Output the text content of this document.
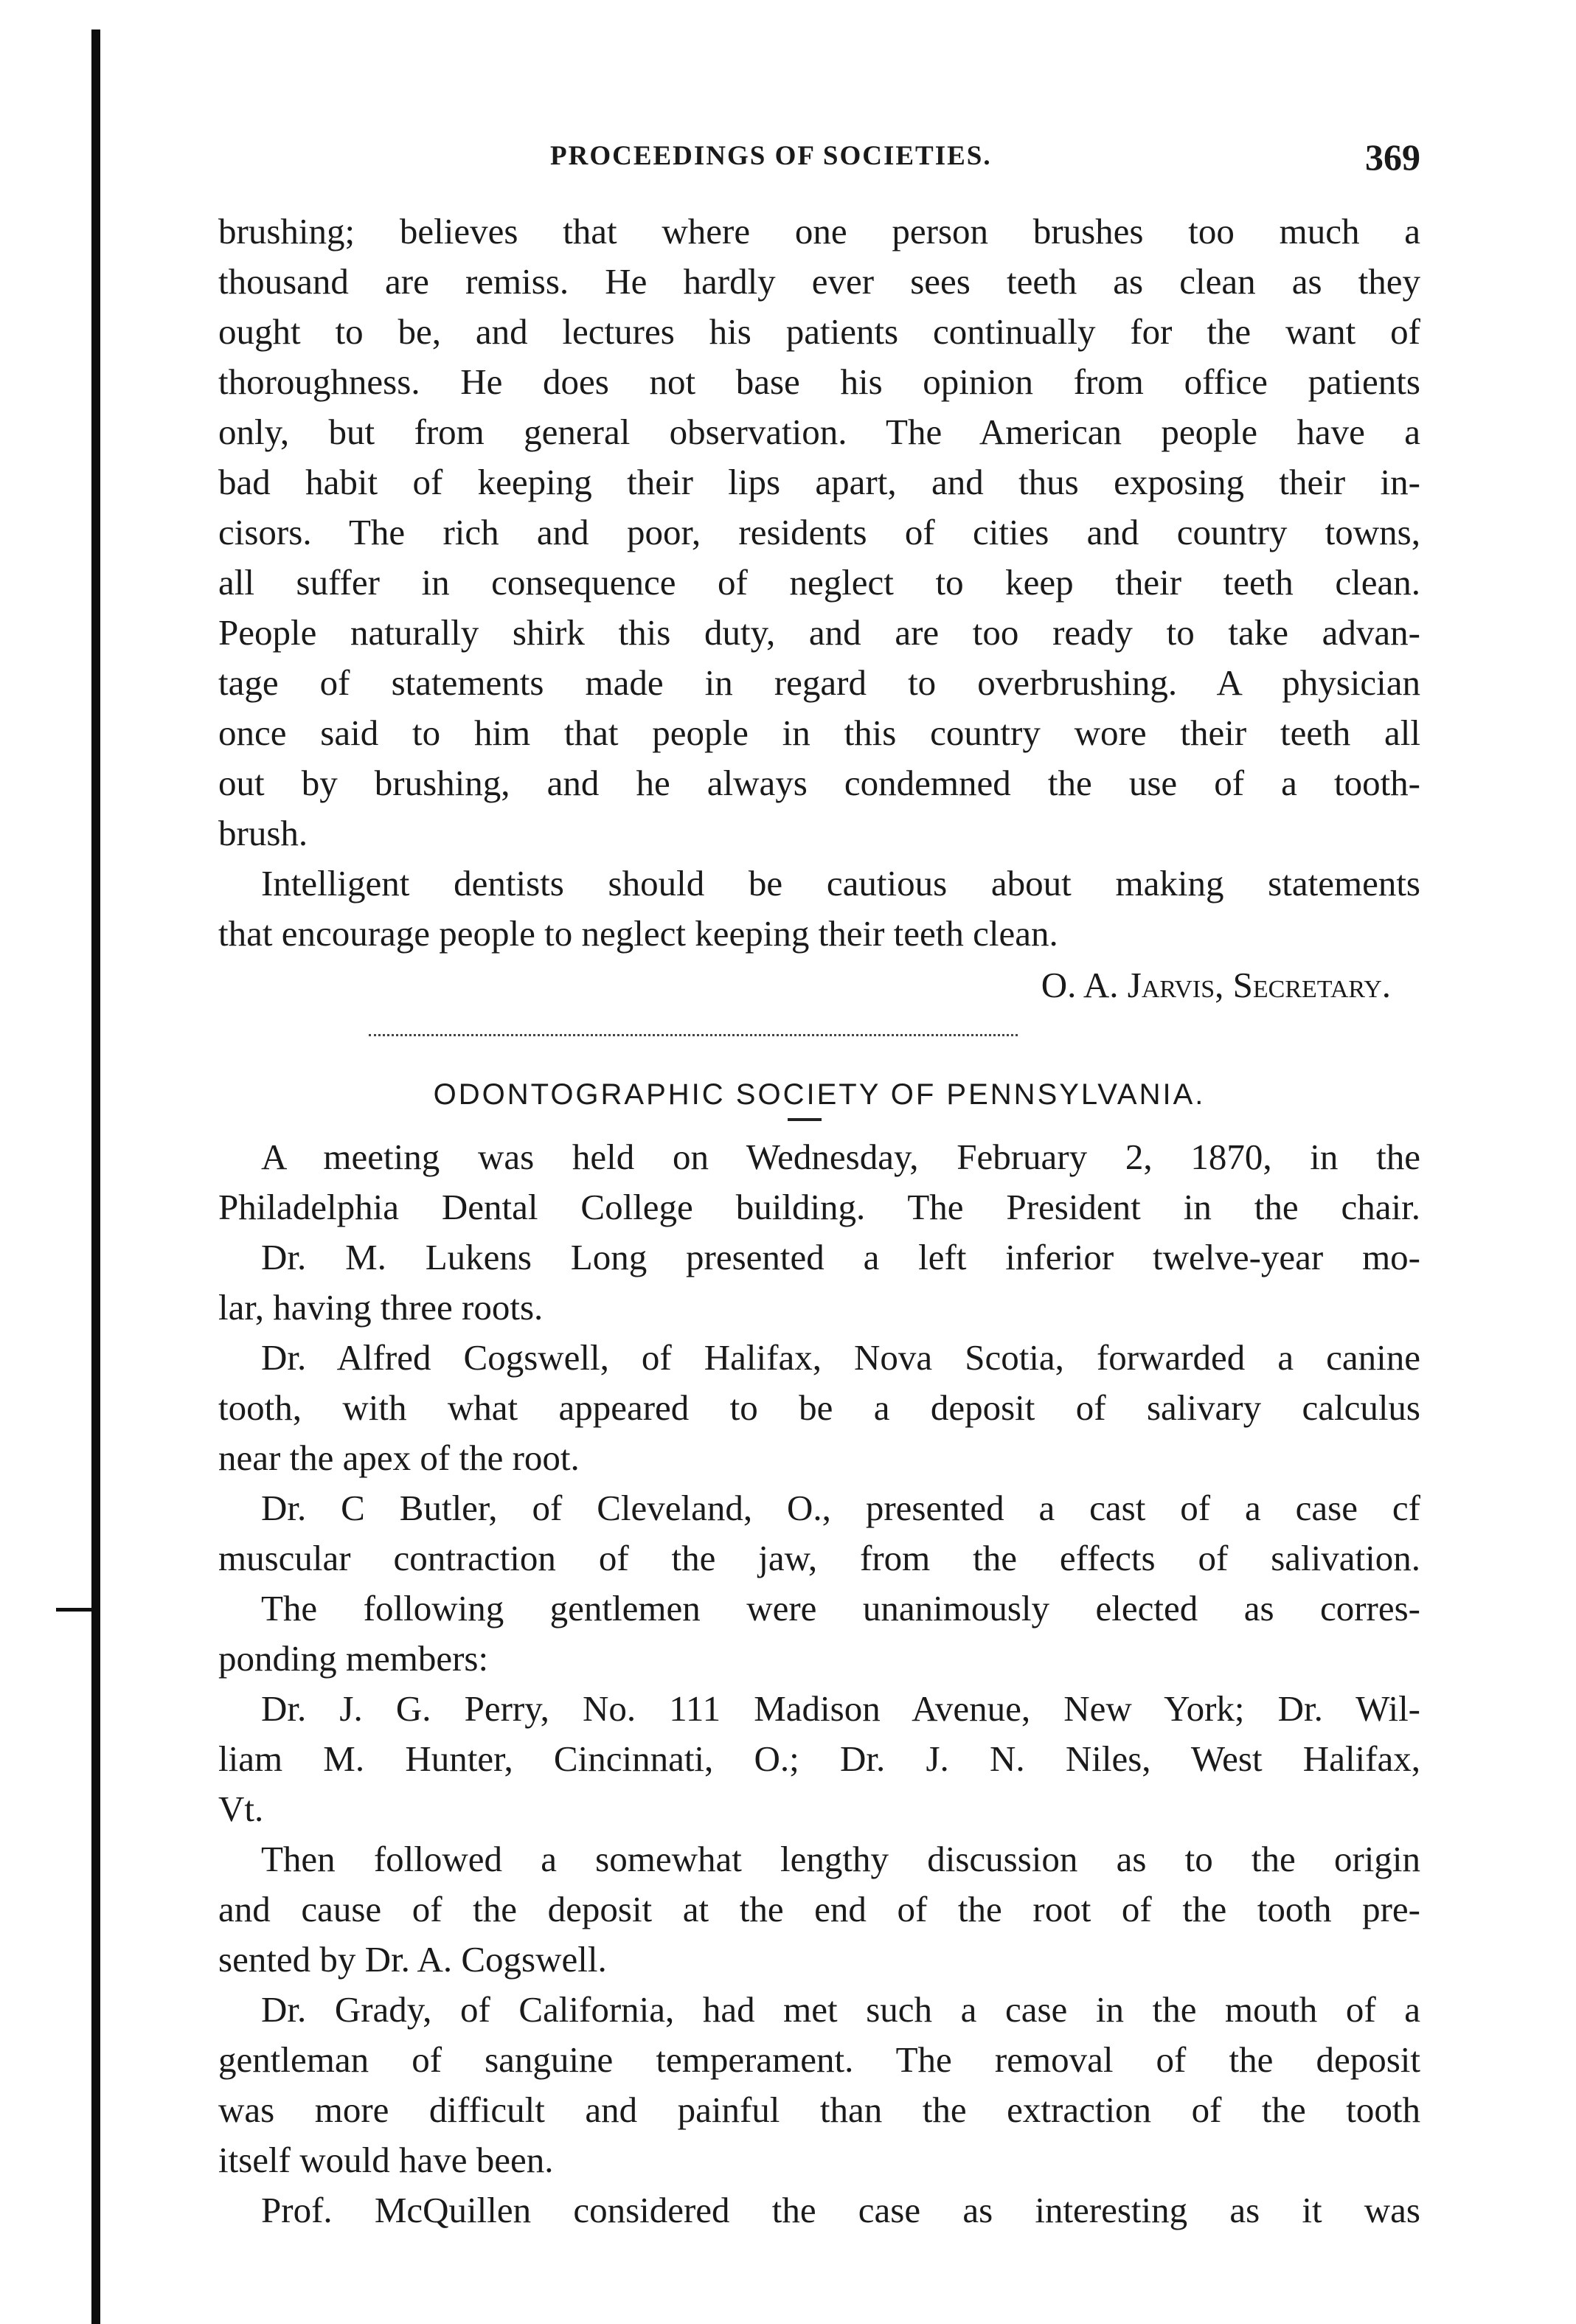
PROCEEDINGS OF SOCIETIES.	369
brushing; believes that where one person brushes too much a
thousand are remiss. He hardly ever sees teeth as clean as they
ought to be, and lectures his patients continually for the want of
thoroughness. He does not base his opinion from office patients
only, but from general observation. The American people have a
bad habit of keeping their lips apart, and thus exposing their in-
cisors. The rich and poor, residents of cities and country towns,
all suffer in consequence of neglect to keep their teeth clean.
People naturally shirk this duty, and are too ready to take advan-
tage of statements made in regard to overbrushing. A physician
once said to him that people in this country wore their teeth all
out by brushing, and he always condemned the use of a tooth-
brush.
Intelligent dentists should be cautious about making statements
that encourage people to neglect keeping their teeth clean.
O. A. Jarvis, Secretary.
ODONTOGRAPHIC SOCIETY OF PENNSYLVANIA.
A meeting was held on Wednesday, February 2, 1870, in the
Philadelphia Dental College building. The President in the chair.
Dr. M. Lukens Long presented a left inferior twelve-year mo-
lar, having three roots.
Dr. Alfred Cogswell, of Halifax, Nova Scotia, forwarded a canine
tooth, with what appeared to be a deposit of salivary calculus
near the apex of the root.
Dr. C Butler, of Cleveland, O., presented a cast of a case cf
muscular contraction of the jaw, from the effects of salivation.
The following gentlemen were unanimously elected as corres-
ponding members:
Dr. J. G. Perry, No. 111 Madison Avenue, New York; Dr. Wil-
liam M. Hunter, Cincinnati, O.; Dr. J. N. Niles, West Halifax,
Vt.
Then followed a somewhat lengthy discussion as to the origin
and cause of the deposit at the end of the root of the tooth pre-
sented by Dr. A. Cogswell.
Dr. Grady, of California, had met such a case in the mouth of a
gentleman of sanguine temperament. The removal of the deposit
was more difficult and painful than the extraction of the tooth
itself would have been.
Prof. McQuillen considered the case as interesting as it was
